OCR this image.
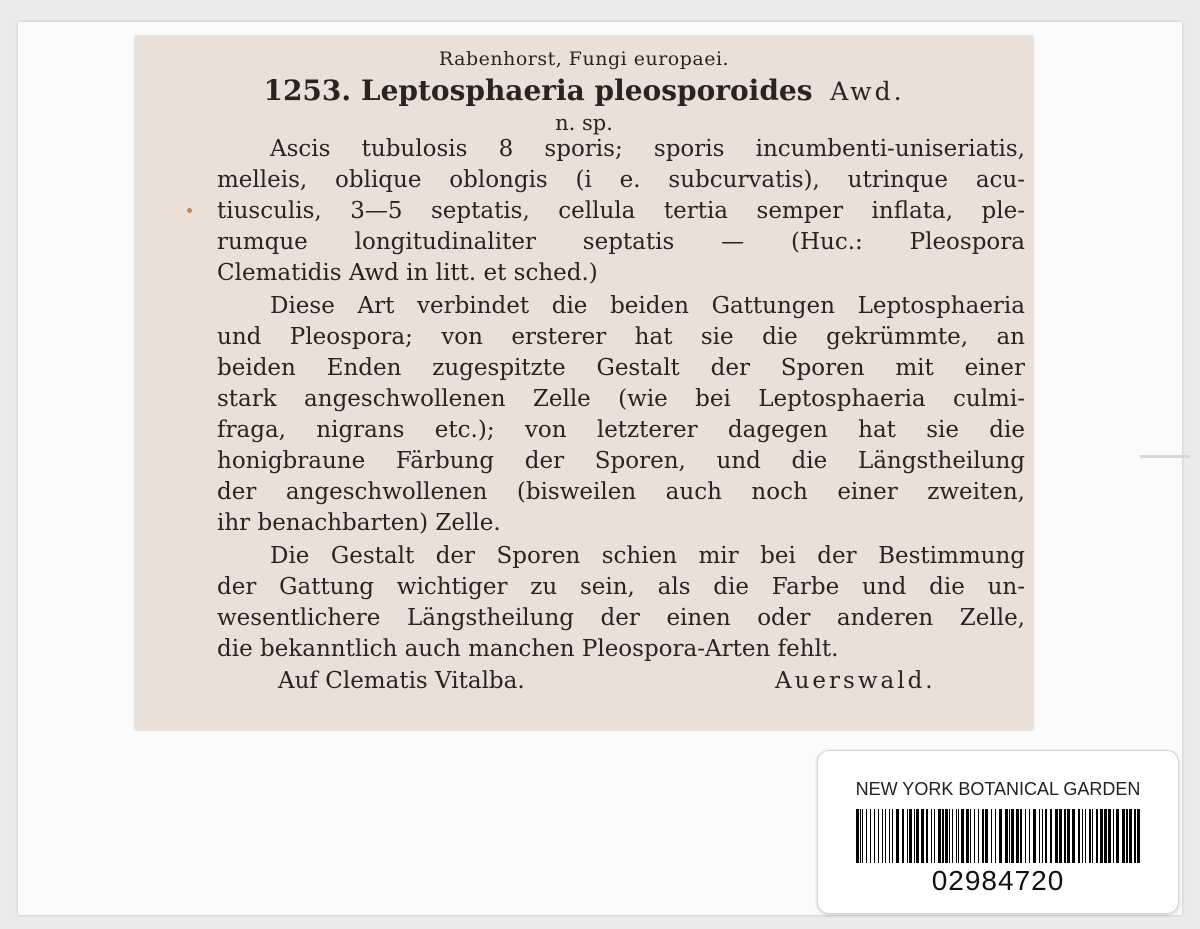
Rabenhorst, Fungi europaei.
1253. Leptosphaeria pleosporoides Awd.
n. sp.
Ascis tubulosis 8 sporis; sporis incumbenti-uniseriatis,
melleis, oblique oblongis (i e. subcurvatis), utrinque acu-
tiusculis, 3—5 septatis, cellula tertia semper inflata, ple-
rumque longitudinaliter septatis — (Huc.: Pleospora
Clematidis Awd in litt. et sched.)
Diese Art verbindet die beiden Gattungen Leptosphaeria
und Pleospora; von ersterer hat sie die gekrümmte, an
beiden Enden zugespitzte Gestalt der Sporen mit einer
stark angeschwollenen Zelle (wie bei Leptosphaeria culmi-
fraga, nigrans etc.); von letzterer dagegen hat sie die
honigbraune Färbung der Sporen, und die Längstheilung
der angeschwollenen (bisweilen auch noch einer zweiten,
ihr benachbarten) Zelle.
Die Gestalt der Sporen schien mir bei der Bestimmung
der Gattung wichtiger zu sein, als die Farbe und die un-
wesentlichere Längstheilung der einen oder anderen Zelle,
die bekanntlich auch manchen Pleospora-Arten fehlt.
Auf Clematis Vitalba.	Auerswald.
NEW YORK BOTANICAL GARDEN
02984720
